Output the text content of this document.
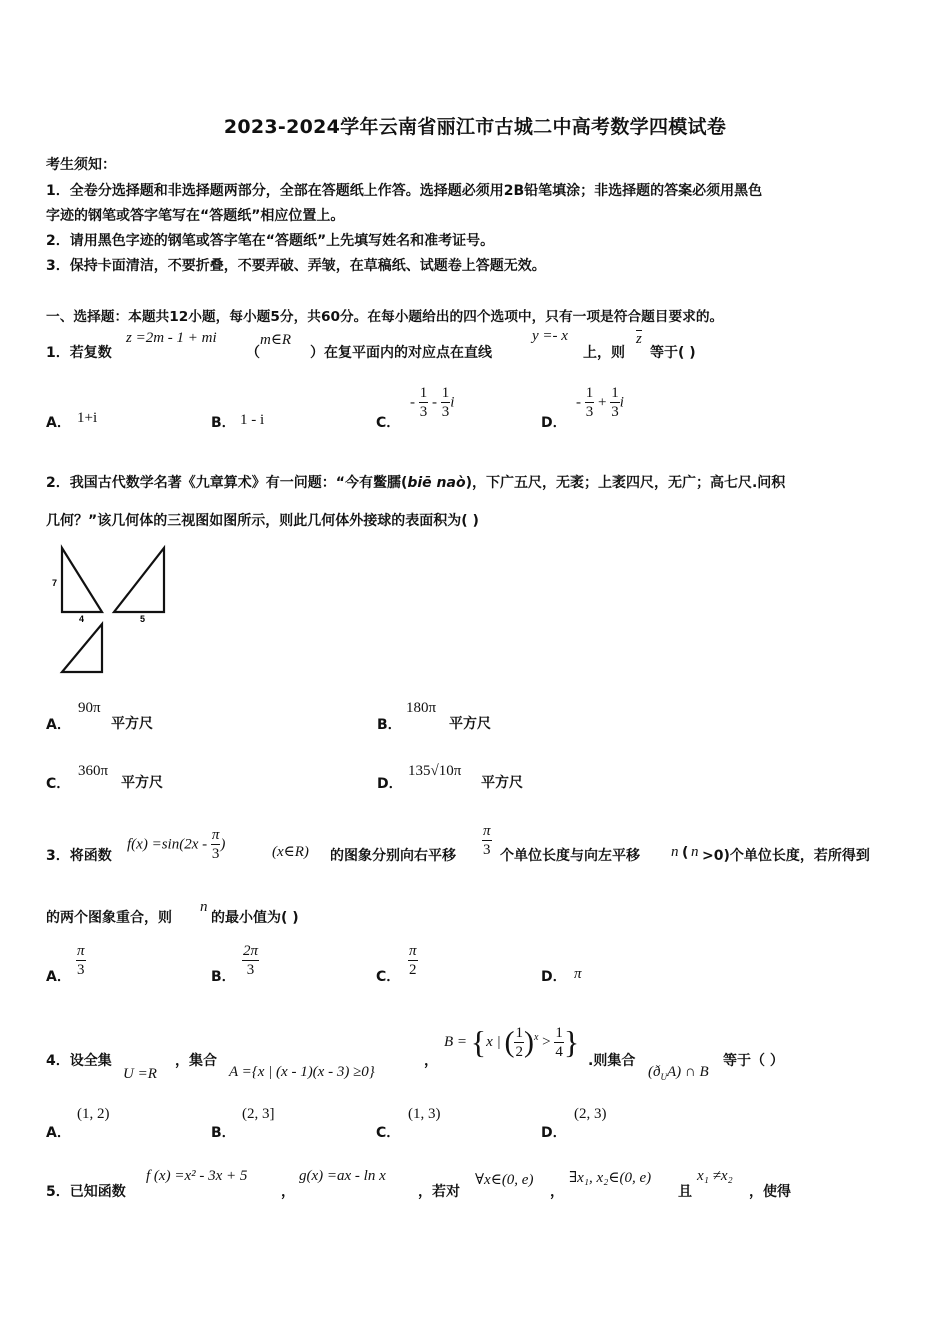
2023-2024学年云南省丽江市古城二中高考数学四模试卷
考生须知：
1．全卷分选择题和非选择题两部分，全部在答题纸上作答。选择题必须用2B铅笔填涂；非选择题的答案必须用黑色
字迹的钢笔或答字笔写在“答题纸”相应位置上。
2．请用黑色字迹的钢笔或答字笔在“答题纸”上先填写姓名和准考证号。
3．保持卡面清洁，不要折叠，不要弄破、弄皱，在草稿纸、试题卷上答题无效。
一、选择题：本题共12小题，每小题5分，共60分。在每小题给出的四个选项中，只有一项是符合题目要求的。
1．若复数
z =2m - 1 + mi
（
m∈R
）在复平面内的对应点在直线
y =- x
上，则
z
等于( )
A． 1+i	B． 1 - i	C．
- $\frac{1}{3} - \frac{1}{3}$ i
D．
- $\frac{1}{3} + \frac{1}{3}$ i
2．我国古代数学名著《九章算术》有一问题：“今有鳖臑(biē naò)，下广五尺，无袤；上袤四尺，无广；高七尺.问积
几何？”该几何体的三视图如图所示，则此几何体外接球的表面积为( )
7
4	5
A．
90π
平方尺	B．
180π
平方尺
C．
360π
平方尺	D．
135√10π
平方尺
3．将函数
$f(x) =\sin(2x - \frac{\pi}{3}$ )	(x∈R) 的图象分别向右平移 $\frac{\pi}{3}$ 个单位长度与向左平移 n ( n >0)个单位长度，若所得到
的两个图象重合，则
n
的最小值为( )
A． $\frac{\pi}{3}$	B． $\frac{2\pi}{3}$	C． $\frac{\pi}{2}$	D． π
4．设全集
U =R
，集合
A ={x | (x - 1)(x - 3) ≥0}
，
B = {x | ( $\frac{1}{2} )^x > \frac{1}{4}$ }
.则集合
$(ð_UA)$ ∩ B
等于（ ）
A．
(1, 2)
B．
(2, 3]
C．
(1, 3)
D．
(2, 3)
5．已知函数
f (x) =x² - 3x + 5
，
g(x) =ax - ln x
，若对
∀x∈(0, e)
，
∃x₁, x₂∈(0, e)
且
x₁ ≠x₂
，使得
